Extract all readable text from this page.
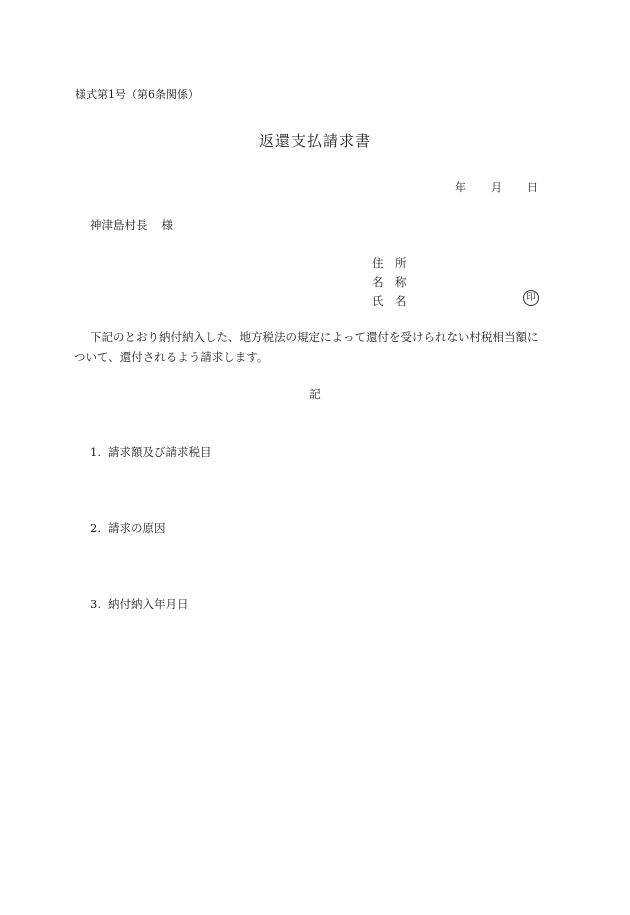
様式第1号（第6条関係）
返還支払請求書
年 月 日
神津島村長 様
住　所
名　称
氏　名	印
下記のとおり納付納入した、地方税法の規定によって還付を受けられない村税相当額に
ついて、還付されるよう請求します。
記
1. 請求額及び請求税目
2. 請求の原因
3. 納付納入年月日
